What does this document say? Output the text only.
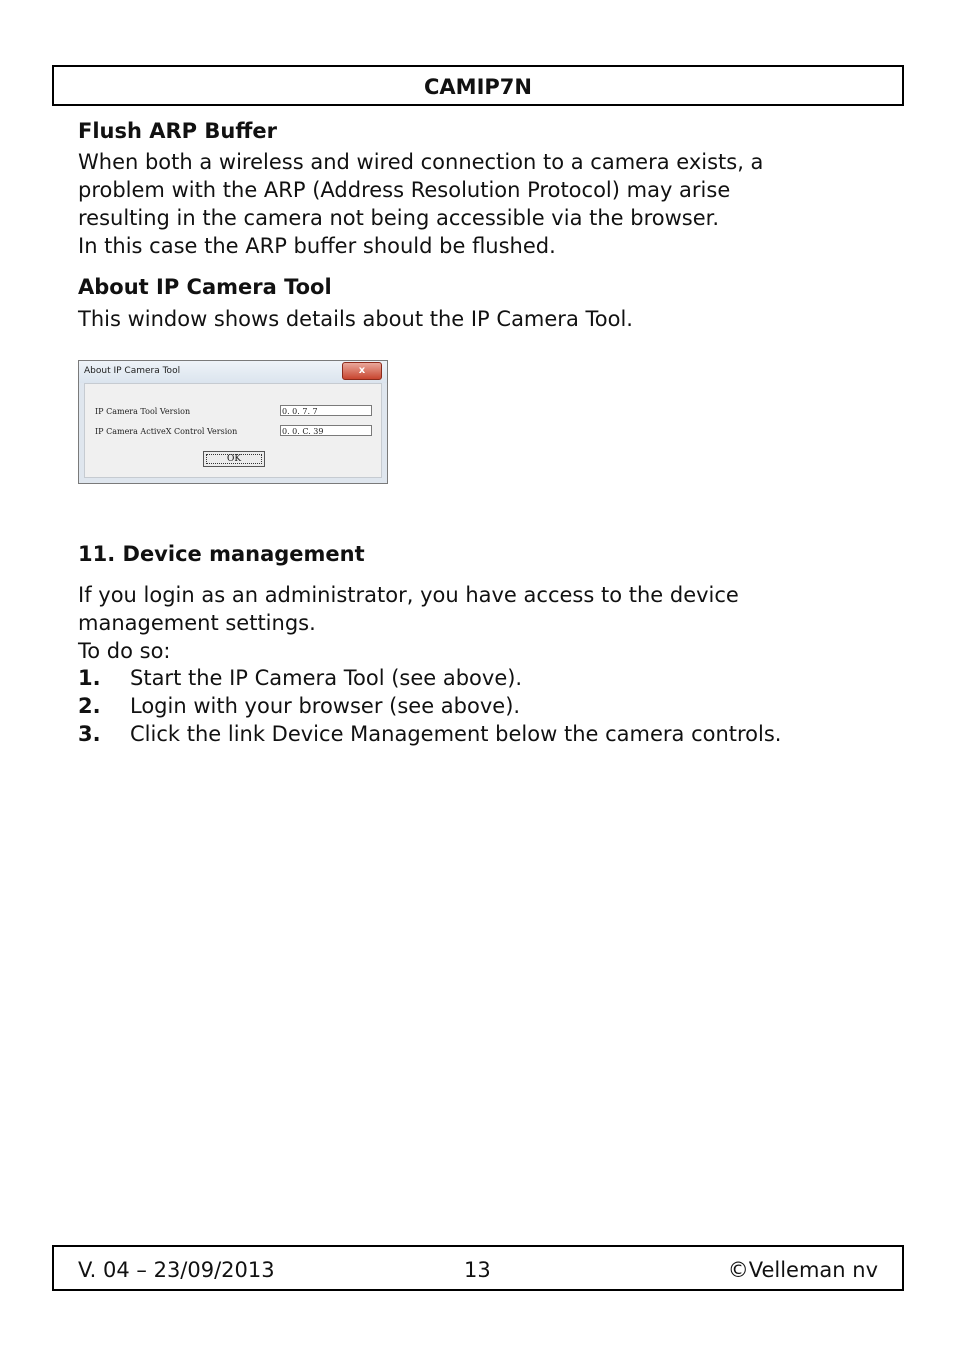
CAMIP7N
Flush ARP Buffer
When both a wireless and wired connection to a camera exists, a
problem with the ARP (Address Resolution Protocol) may arise
resulting in the camera not being accessible via the browser.
In this case the ARP buffer should be flushed.
About IP Camera Tool
This window shows details about the IP Camera Tool.
About IP Camera Tool	x
IP Camera Tool Version	0. 0. 7. 7
IP Camera ActiveX Control Version	0. 0. C. 39
OK
11. Device management
If you login as an administrator, you have access to the device
management settings.
To do so:
1. Start the IP Camera Tool (see above).
2. Login with your browser (see above).
3. Click the link Device Management below the camera controls.
V. 04 – 23/09/2013	13	©Velleman nv
